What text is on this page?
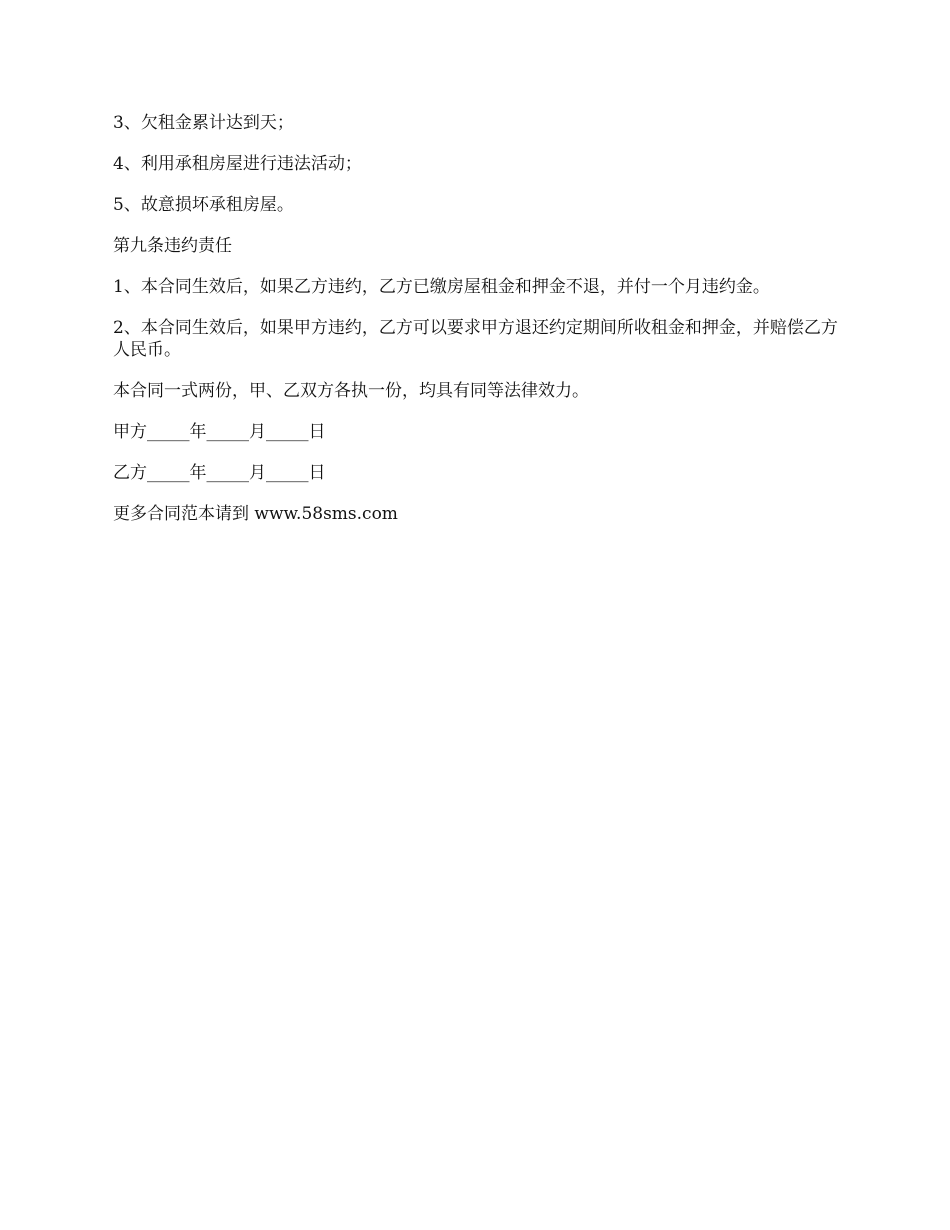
3、欠租金累计达到天；

4、利用承租房屋进行违法活动；

5、故意损坏承租房屋。

第九条违约责任

1、本合同生效后，如果乙方违约，乙方已缴房屋租金和押金不退，并付一个月违约金。

2、本合同生效后，如果甲方违约，乙方可以要求甲方退还约定期间所收租金和押金，并赔偿乙方人民币。

本合同一式两份，甲、乙双方各执一份，均具有同等法律效力。

甲方_____年_____月_____日

乙方_____年_____月_____日

更多合同范本请到 www.58sms.com
